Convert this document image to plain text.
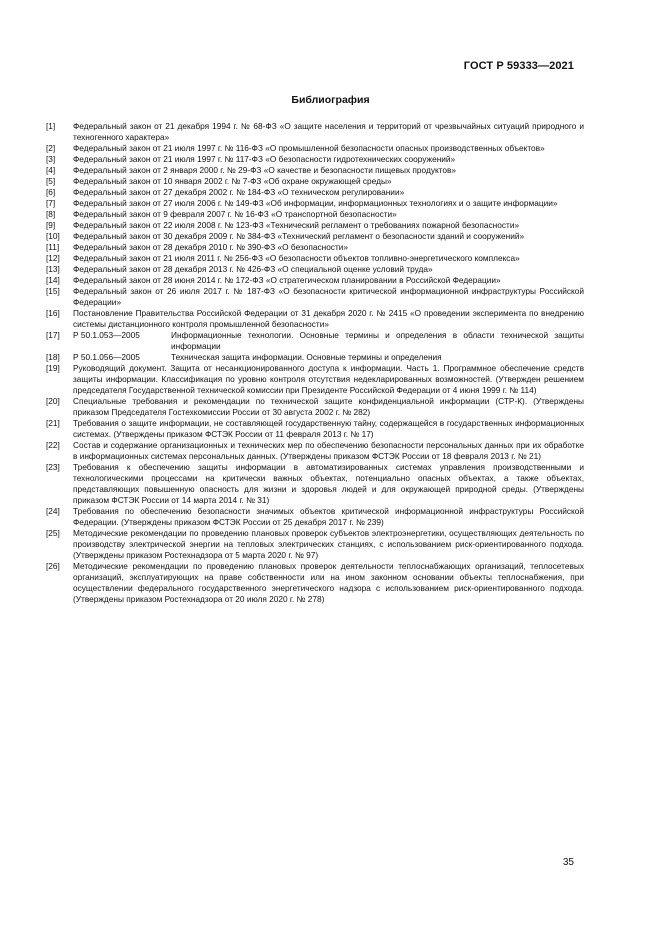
ГОСТ Р 59333—2021
Библиография
[1]	Федеральный закон от 21 декабря 1994 г. № 68-ФЗ «О защите населения и территорий от чрезвычайных ситуаций природного и техногенного характера»
[2]	Федеральный закон от 21 июля 1997 г. № 116-ФЗ «О промышленной безопасности опасных производственных объектов»
[3]	Федеральный закон от 21 июля 1997 г. № 117-ФЗ «О безопасности гидротехнических сооружений»
[4]	Федеральный закон от 2 января 2000 г. № 29-ФЗ «О качестве и безопасности пищевых продуктов»
[5]	Федеральный закон от 10 января 2002 г. № 7-ФЗ «Об охране окружающей среды»
[6]	Федеральный закон от 27 декабря 2002 г. № 184-ФЗ «О техническом регулировании»
[7]	Федеральный закон от 27 июля 2006 г. № 149-ФЗ «Об информации, информационных технологиях и о защите информации»
[8]	Федеральный закон от 9 февраля 2007 г. № 16-ФЗ «О транспортной безопасности»
[9]	Федеральный закон от 22 июля 2008 г. № 123-ФЗ «Технический регламент о требованиях пожарной безопасности»
[10]	Федеральный закон от 30 декабря 2009 г. № 384-ФЗ «Технический регламент о безопасности зданий и сооружений»
[11]	Федеральный закон от 28 декабря 2010 г. № 390-ФЗ «О безопасности»
[12]	Федеральный закон от 21 июля 2011 г. № 256-ФЗ «О безопасности объектов топливно-энергетического комплекса»
[13]	Федеральный закон от 28 декабря 2013 г. № 426-ФЗ «О специальной оценке условий труда»
[14]	Федеральный закон от 28 июня 2014 г. № 172-ФЗ «О стратегическом планировании в Российской Федерации»
[15]	Федеральный закон от 26 июля 2017 г. № 187-ФЗ «О безопасности критической информационной инфраструктуры Российской Федерации»
[16]	Постановление Правительства Российской Федерации от 31 декабря 2020 г. № 2415 «О проведении эксперимента по внедрению системы дистанционного контроля промышленной безопасности»
[17]	Р 50.1.053—2005	Информационные технологии. Основные термины и определения в области технической защиты информации
[18]	Р 50.1.056—2005	Техническая защита информации. Основные термины и определения
[19]	Руководящий документ. Защита от несанкционированного доступа к информации. Часть 1. Программное обеспечение средств защиты информации. Классификация по уровню контроля отсутствия недекларированных возможностей. (Утвержден решением председателя Государственной технической комиссии при Президенте Российской Федерации от 4 июня 1999 г. № 114)
[20]	Специальные требования и рекомендации по технической защите конфиденциальной информации (СТР-К). (Утверждены приказом Председателя Гостехкомиссии России от 30 августа 2002 г. № 282)
[21]	Требования о защите информации, не составляющей государственную тайну, содержащейся в государственных информационных системах. (Утверждены приказом ФСТЭК России от 11 февраля 2013 г. № 17)
[22]	Состав и содержание организационных и технических мер по обеспечению безопасности персональных данных при их обработке в информационных системах персональных данных. (Утверждены приказом ФСТЭК России от 18 февраля 2013 г. № 21)
[23]	Требования к обеспечению защиты информации в автоматизированных системах управления производственными и технологическими процессами на критически важных объектах, потенциально опасных объектах, а также объектах, представляющих повышенную опасность для жизни и здоровья людей и для окружающей природной среды. (Утверждены приказом ФСТЭК России от 14 марта 2014 г. № 31)
[24]	Требования по обеспечению безопасности значимых объектов критической информационной инфраструктуры Российской Федерации. (Утверждены приказом ФСТЭК России от 25 декабря 2017 г. № 239)
[25]	Методические рекомендации по проведению плановых проверок субъектов электроэнергетики, осуществляющих деятельность по производству электрической энергии на тепловых электрических станциях, с использованием риск-ориентированного подхода. (Утверждены приказом Ростехнадзора от 5 марта 2020 г. № 97)
[26]	Методические рекомендации по проведению плановых проверок деятельности теплоснабжающих организаций, теплосетевых организаций, эксплуатирующих на праве собственности или на ином законном основании объекты теплоснабжения, при осуществлении федерального государственного энергетического надзора с использованием риск-ориентированного подхода. (Утверждены приказом Ростехнадзора от 20 июля 2020 г. № 278)
35
